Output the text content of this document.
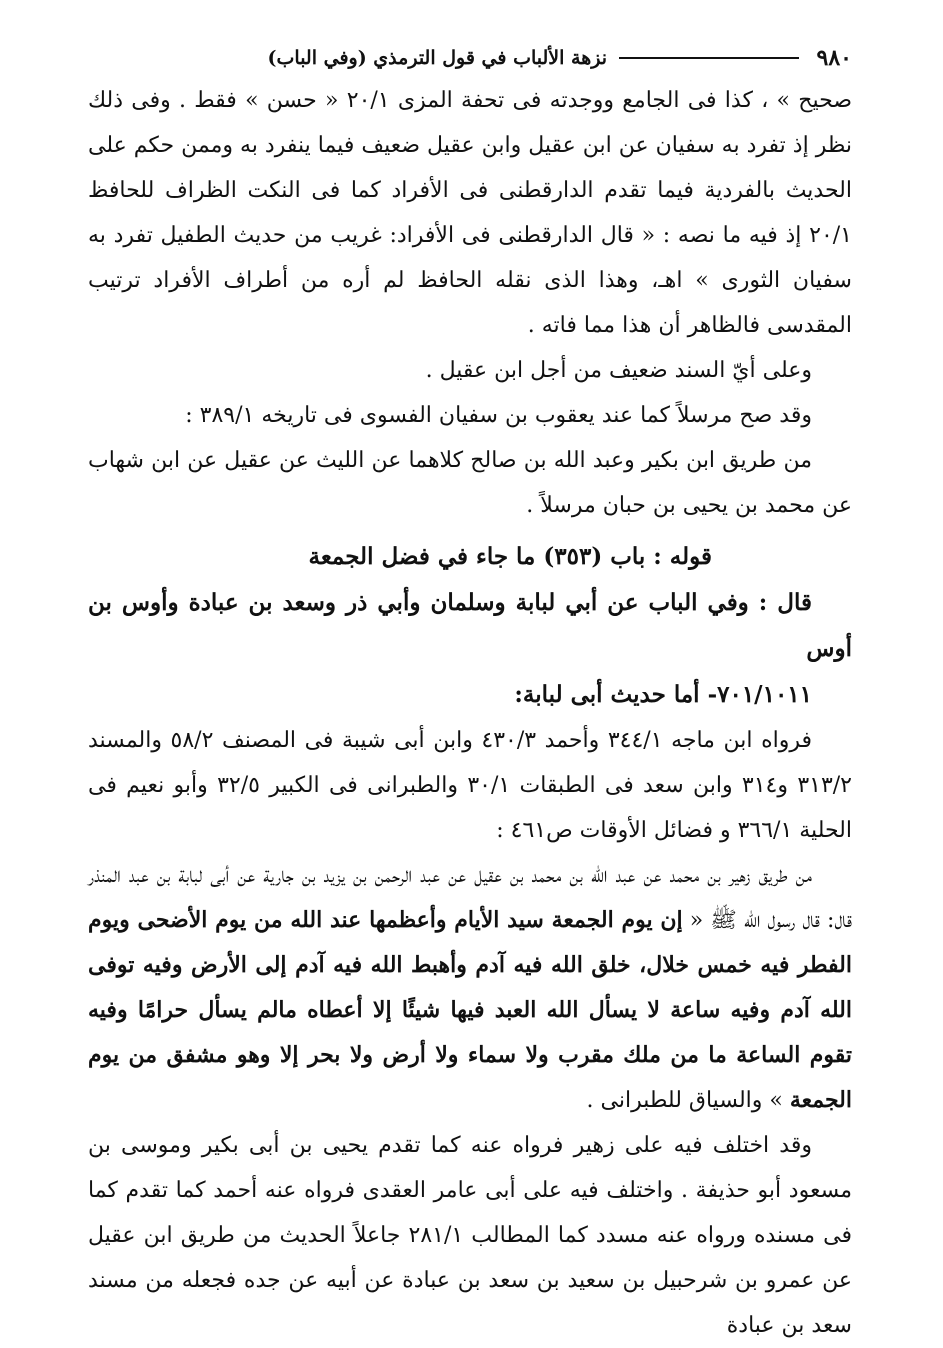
٩٨٠
نزهة الألباب في قول الترمذي (وفي الباب)

صحيح » ، كذا فى الجامع ووجدته فى تحفة المزى ٢٠/١ « حسن » فقط . وفى ذلك نظر إذ تفرد به سفيان عن ابن عقيل وابن عقيل ضعيف فيما ينفرد به وممن حكم على الحديث بالفردية فيما تقدم الدارقطنى فى الأفراد كما فى النكت الظراف للحافظ ٢٠/١ إذ فيه ما نصه : « قال الدارقطنى فى الأفراد: غريب من حديث الطفيل تفرد به سفيان الثورى » اهـ، وهذا الذى نقله الحافظ لم أره من أطراف الأفراد ترتيب المقدسى فالظاهر أن هذا مما فاته .

وعلى أيّ السند ضعيف من أجل ابن عقيل .

وقد صح مرسلاً كما عند يعقوب بن سفيان الفسوى فى تاريخه ٣٨٩/١ :

من طريق ابن بكير وعبد الله بن صالح كلاهما عن الليث عن عقيل عن ابن شهاب عن محمد بن يحيى بن حبان مرسلاً .

قوله : باب (٣٥٣) ما جاء في فضل الجمعة

قال : وفي الباب عن أبي لبابة وسلمان وأبي ذر وسعد بن عبادة وأوس بن أوس

٧٠١/١٠١١- أما حديث أبى لبابة:

فرواه ابن ماجه ٣٤٤/١ وأحمد ٤٣٠/٣ وابن أبى شيبة فى المصنف ٥٨/٢ والمسند ٣١٣/٢ و٣١٤ وابن سعد فى الطبقات ٣٠/١ والطبرانى فى الكبير ٣٢/٥ وأبو نعيم فى الحلية ٣٦٦/١ و فضائل الأوقات ص٤٦١ :

من طريق زهير بن محمد عن عبد الله بن محمد بن عقيل عن عبد الرحمن بن يزيد بن جارية عن أبى لبابة بن عبد المنذر قال: قال رسول الله ﷺ « إن يوم الجمعة سيد الأيام وأعظمها عند الله من يوم الأضحى ويوم الفطر فيه خمس خلال، خلق الله فيه آدم وأهبط الله فيه آدم إلى الأرض وفيه توفى الله آدم وفيه ساعة لا يسأل الله العبد فيها شيئًا إلا أعطاه مالم يسأل حرامًا وفيه تقوم الساعة ما من ملك مقرب ولا سماء ولا أرض ولا بحر إلا وهو مشفق من يوم الجمعة » والسياق للطبرانى .

وقد اختلف فيه على زهير فرواه عنه كما تقدم يحيى بن أبى بكير وموسى بن مسعود أبو حذيفة . واختلف فيه على أبى عامر العقدى فرواه عنه أحمد كما تقدم كما فى مسنده ورواه عنه مسدد كما المطالب ٢٨١/١ جاعلاً الحديث من طريق ابن عقيل عن عمرو بن شرحبيل بن سعيد بن سعد بن عبادة عن أبيه عن جده فجعله من مسند سعد بن عبادة
